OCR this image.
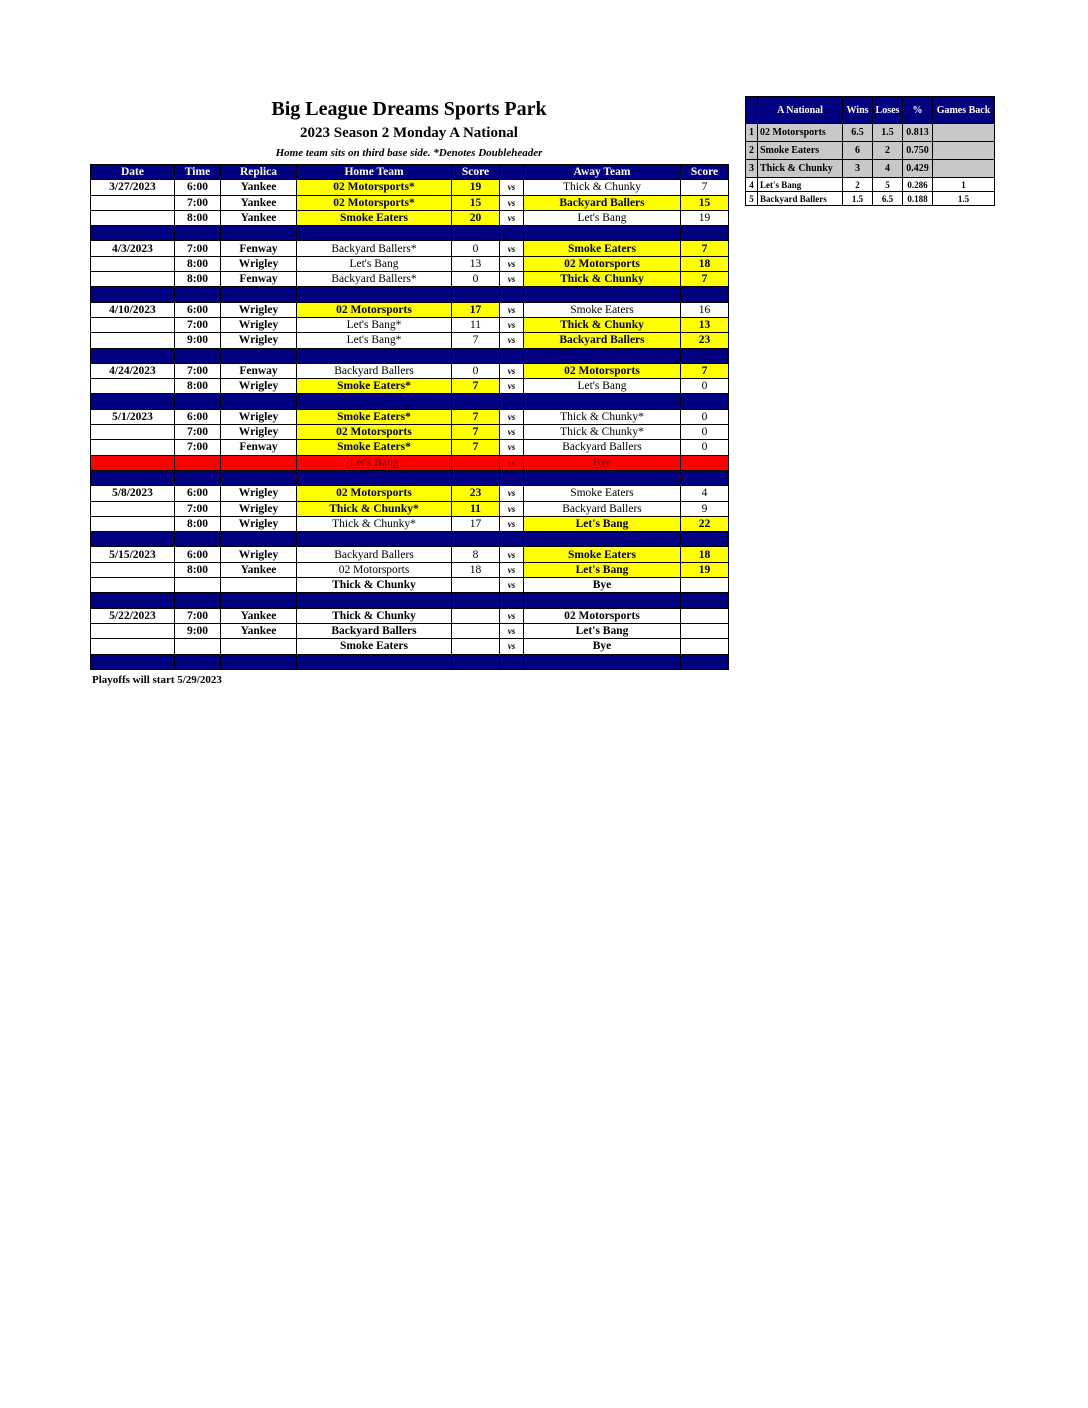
Big League Dreams Sports Park
2023 Season 2 Monday A National
Home team sits on third base side. *Denotes Doubleheader
Date	Time	Replica	Home Team	Score		Away Team	Score
3/27/2023	6:00	Yankee	02 Motorsports*	19	vs	Thick & Chunky	7
	7:00	Yankee	02 Motorsports*	15	vs	Backyard Ballers	15
	8:00	Yankee	Smoke Eaters	20	vs	Let's Bang	19

4/3/2023	7:00	Fenway	Backyard Ballers*	0	vs	Smoke Eaters	7
	8:00	Wrigley	Let's Bang	13	vs	02 Motorsports	18
	8:00	Fenway	Backyard Ballers*	0	vs	Thick & Chunky	7

4/10/2023	6:00	Wrigley	02 Motorsports	17	vs	Smoke Eaters	16
	7:00	Wrigley	Let's Bang*	11	vs	Thick & Chunky	13
	9:00	Wrigley	Let's Bang*	7	vs	Backyard Ballers	23

4/24/2023	7:00	Fenway	Backyard Ballers	0	vs	02 Motorsports	7
	8:00	Wrigley	Smoke Eaters*	7	vs	Let's Bang	0

5/1/2023	6:00	Wrigley	Smoke Eaters*	7	vs	Thick & Chunky*	0
	7:00	Wrigley	02 Motorsports	7	vs	Thick & Chunky*	0
	7:00	Fenway	Smoke Eaters*	7	vs	Backyard Ballers	0
			Let's Bang		vs	Bye	

5/8/2023	6:00	Wrigley	02 Motorsports	23	vs	Smoke Eaters	4
	7:00	Wrigley	Thick & Chunky*	11	vs	Backyard Ballers	9
	8:00	Wrigley	Thick & Chunky*	17	vs	Let's Bang	22

5/15/2023	6:00	Wrigley	Backyard Ballers	8	vs	Smoke Eaters	18
	8:00	Yankee	02 Motorsports	18	vs	Let's Bang	19
			Thick & Chunky		vs	Bye	

5/22/2023	7:00	Yankee	Thick & Chunky		vs	02 Motorsports	
	9:00	Yankee	Backyard Ballers		vs	Let's Bang	
			Smoke Eaters		vs	Bye	

Playoffs will start 5/29/2023
	A National	Wins	Loses	%	Games Back
1	02 Motorsports	6.5	1.5	0.813	
2	Smoke Eaters	6	2	0.750	
3	Thick & Chunky	3	4	0.429	
4	Let's Bang	2	5	0.286	1
5	Backyard Ballers	1.5	6.5	0.188	1.5
